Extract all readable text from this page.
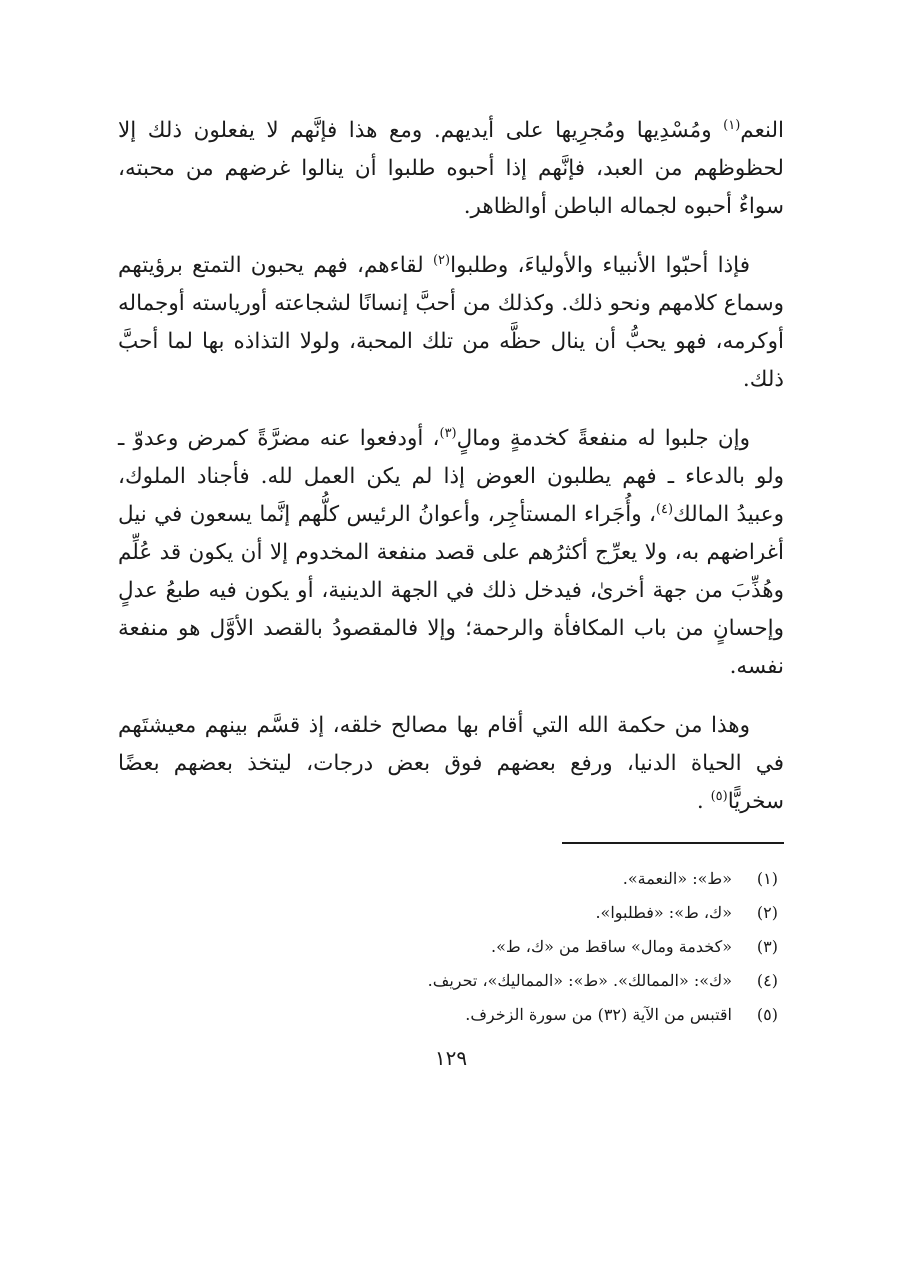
النعم$^{(١)}$ ومُسْدِيها ومُجرِيها على أيديهم. ومع هذا فإنَّهم لا يفعلون ذلك إلا لحظوظهم من العبد، فإنَّهم إذا أحبوه طلبوا أن ينالوا غرضهم من محبته، سواءٌ أحبوه لجماله الباطن أوالظاهر.

فإذا أحبّوا الأنبياء والأولياءَ، وطلبوا$^{(٢)}$ لقاءهم، فهم يحبون التمتع برؤيتهم وسماع كلامهم ونحو ذلك. وكذلك من أحبَّ إنسانًا لشجاعته أورياسته أوجماله أوكرمه، فهو يحبُّ أن ينال حظَّه من تلك المحبة، ولولا التذاذه بها لما أحبَّ ذلك.

وإن جلبوا له منفعةً كخدمةٍ ومالٍ$^{(٣)}$، أودفعوا عنه مضرَّةً كمرض وعدوّ ـ ولو بالدعاء ـ فهم يطلبون العوض إذا لم يكن العمل لله. فأجناد الملوك، وعبيدُ المالك$^{(٤)}$، وأُجَراء المستأجِر، وأعوانُ الرئيس كلُّهم إنَّما يسعون في نيل أغراضهم به، ولا يعرِّج أكثرُهم على قصد منفعة المخدوم إلا أن يكون قد عُلِّم وهُذِّبَ من جهة أخرىٰ، فيدخل ذلك في الجهة الدينية، أو يكون فيه طبعُ عدلٍ وإحسانٍ من باب المكافأة والرحمة؛ وإلا فالمقصودُ بالقصد الأوَّل هو منفعة نفسه.

وهذا من حكمة الله التي أقام بها مصالح خلقه، إذ قسَّم بينهم معيشتَهم في الحياة الدنيا، ورفع بعضهم فوق بعض درجات، ليتخذ بعضهم بعضًا سخريًّا$^{(٥)}$ .

(١)
«ط»: «النعمة».
(٢)
«ك، ط»: «فطلبوا».
(٣)
«كخدمة ومال» ساقط من «ك، ط».
(٤)
«ك»: «الممالك». «ط»: «المماليك»، تحريف.
(٥)
اقتبس من الآية (٣٢) من سورة الزخرف.
١٢٩
